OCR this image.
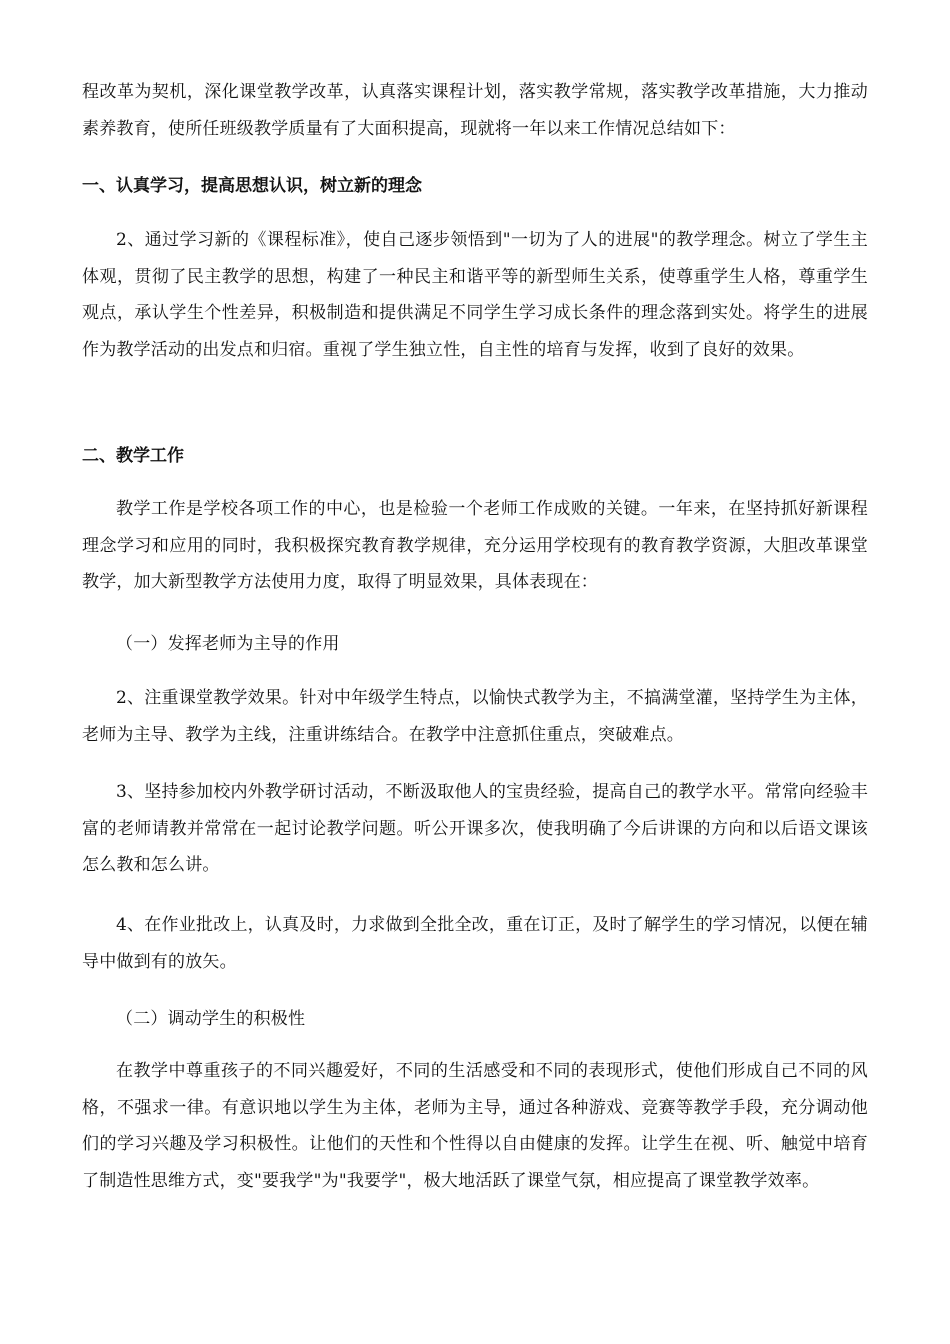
程改革为契机，深化课堂教学改革，认真落实课程计划，落实教学常规，落实教学改革措施，大力推动素养教育，使所任班级教学质量有了大面积提高，现就将一年以来工作情况总结如下：

一、认真学习，提高思想认识，树立新的理念

2、通过学习新的《课程标准》，使自己逐步领悟到"一切为了人的进展"的教学理念。树立了学生主体观，贯彻了民主教学的思想，构建了一种民主和谐平等的新型师生关系，使尊重学生人格，尊重学生观点，承认学生个性差异，积极制造和提供满足不同学生学习成长条件的理念落到实处。将学生的进展作为教学活动的出发点和归宿。重视了学生独立性，自主性的培育与发挥，收到了良好的效果。

二、教学工作

教学工作是学校各项工作的中心，也是检验一个老师工作成败的关键。一年来，在坚持抓好新课程理念学习和应用的同时，我积极探究教育教学规律，充分运用学校现有的教育教学资源，大胆改革课堂教学，加大新型教学方法使用力度，取得了明显效果，具体表现在：

（一）发挥老师为主导的作用

2、注重课堂教学效果。针对中年级学生特点，以愉快式教学为主，不搞满堂灌，坚持学生为主体，老师为主导、教学为主线，注重讲练结合。在教学中注意抓住重点，突破难点。

3、坚持参加校内外教学研讨活动，不断汲取他人的宝贵经验，提高自己的教学水平。常常向经验丰富的老师请教并常常在一起讨论教学问题。听公开课多次，使我明确了今后讲课的方向和以后语文课该怎么教和怎么讲。

4、在作业批改上，认真及时，力求做到全批全改，重在订正，及时了解学生的学习情况，以便在辅导中做到有的放矢。

（二）调动学生的积极性

在教学中尊重孩子的不同兴趣爱好，不同的生活感受和不同的表现形式，使他们形成自己不同的风格，不强求一律。有意识地以学生为主体，老师为主导，通过各种游戏、竞赛等教学手段，充分调动他们的学习兴趣及学习积极性。让他们的天性和个性得以自由健康的发挥。让学生在视、听、触觉中培育了制造性思维方式，变"要我学"为"我要学"，极大地活跃了课堂气氛，相应提高了课堂教学效率。
